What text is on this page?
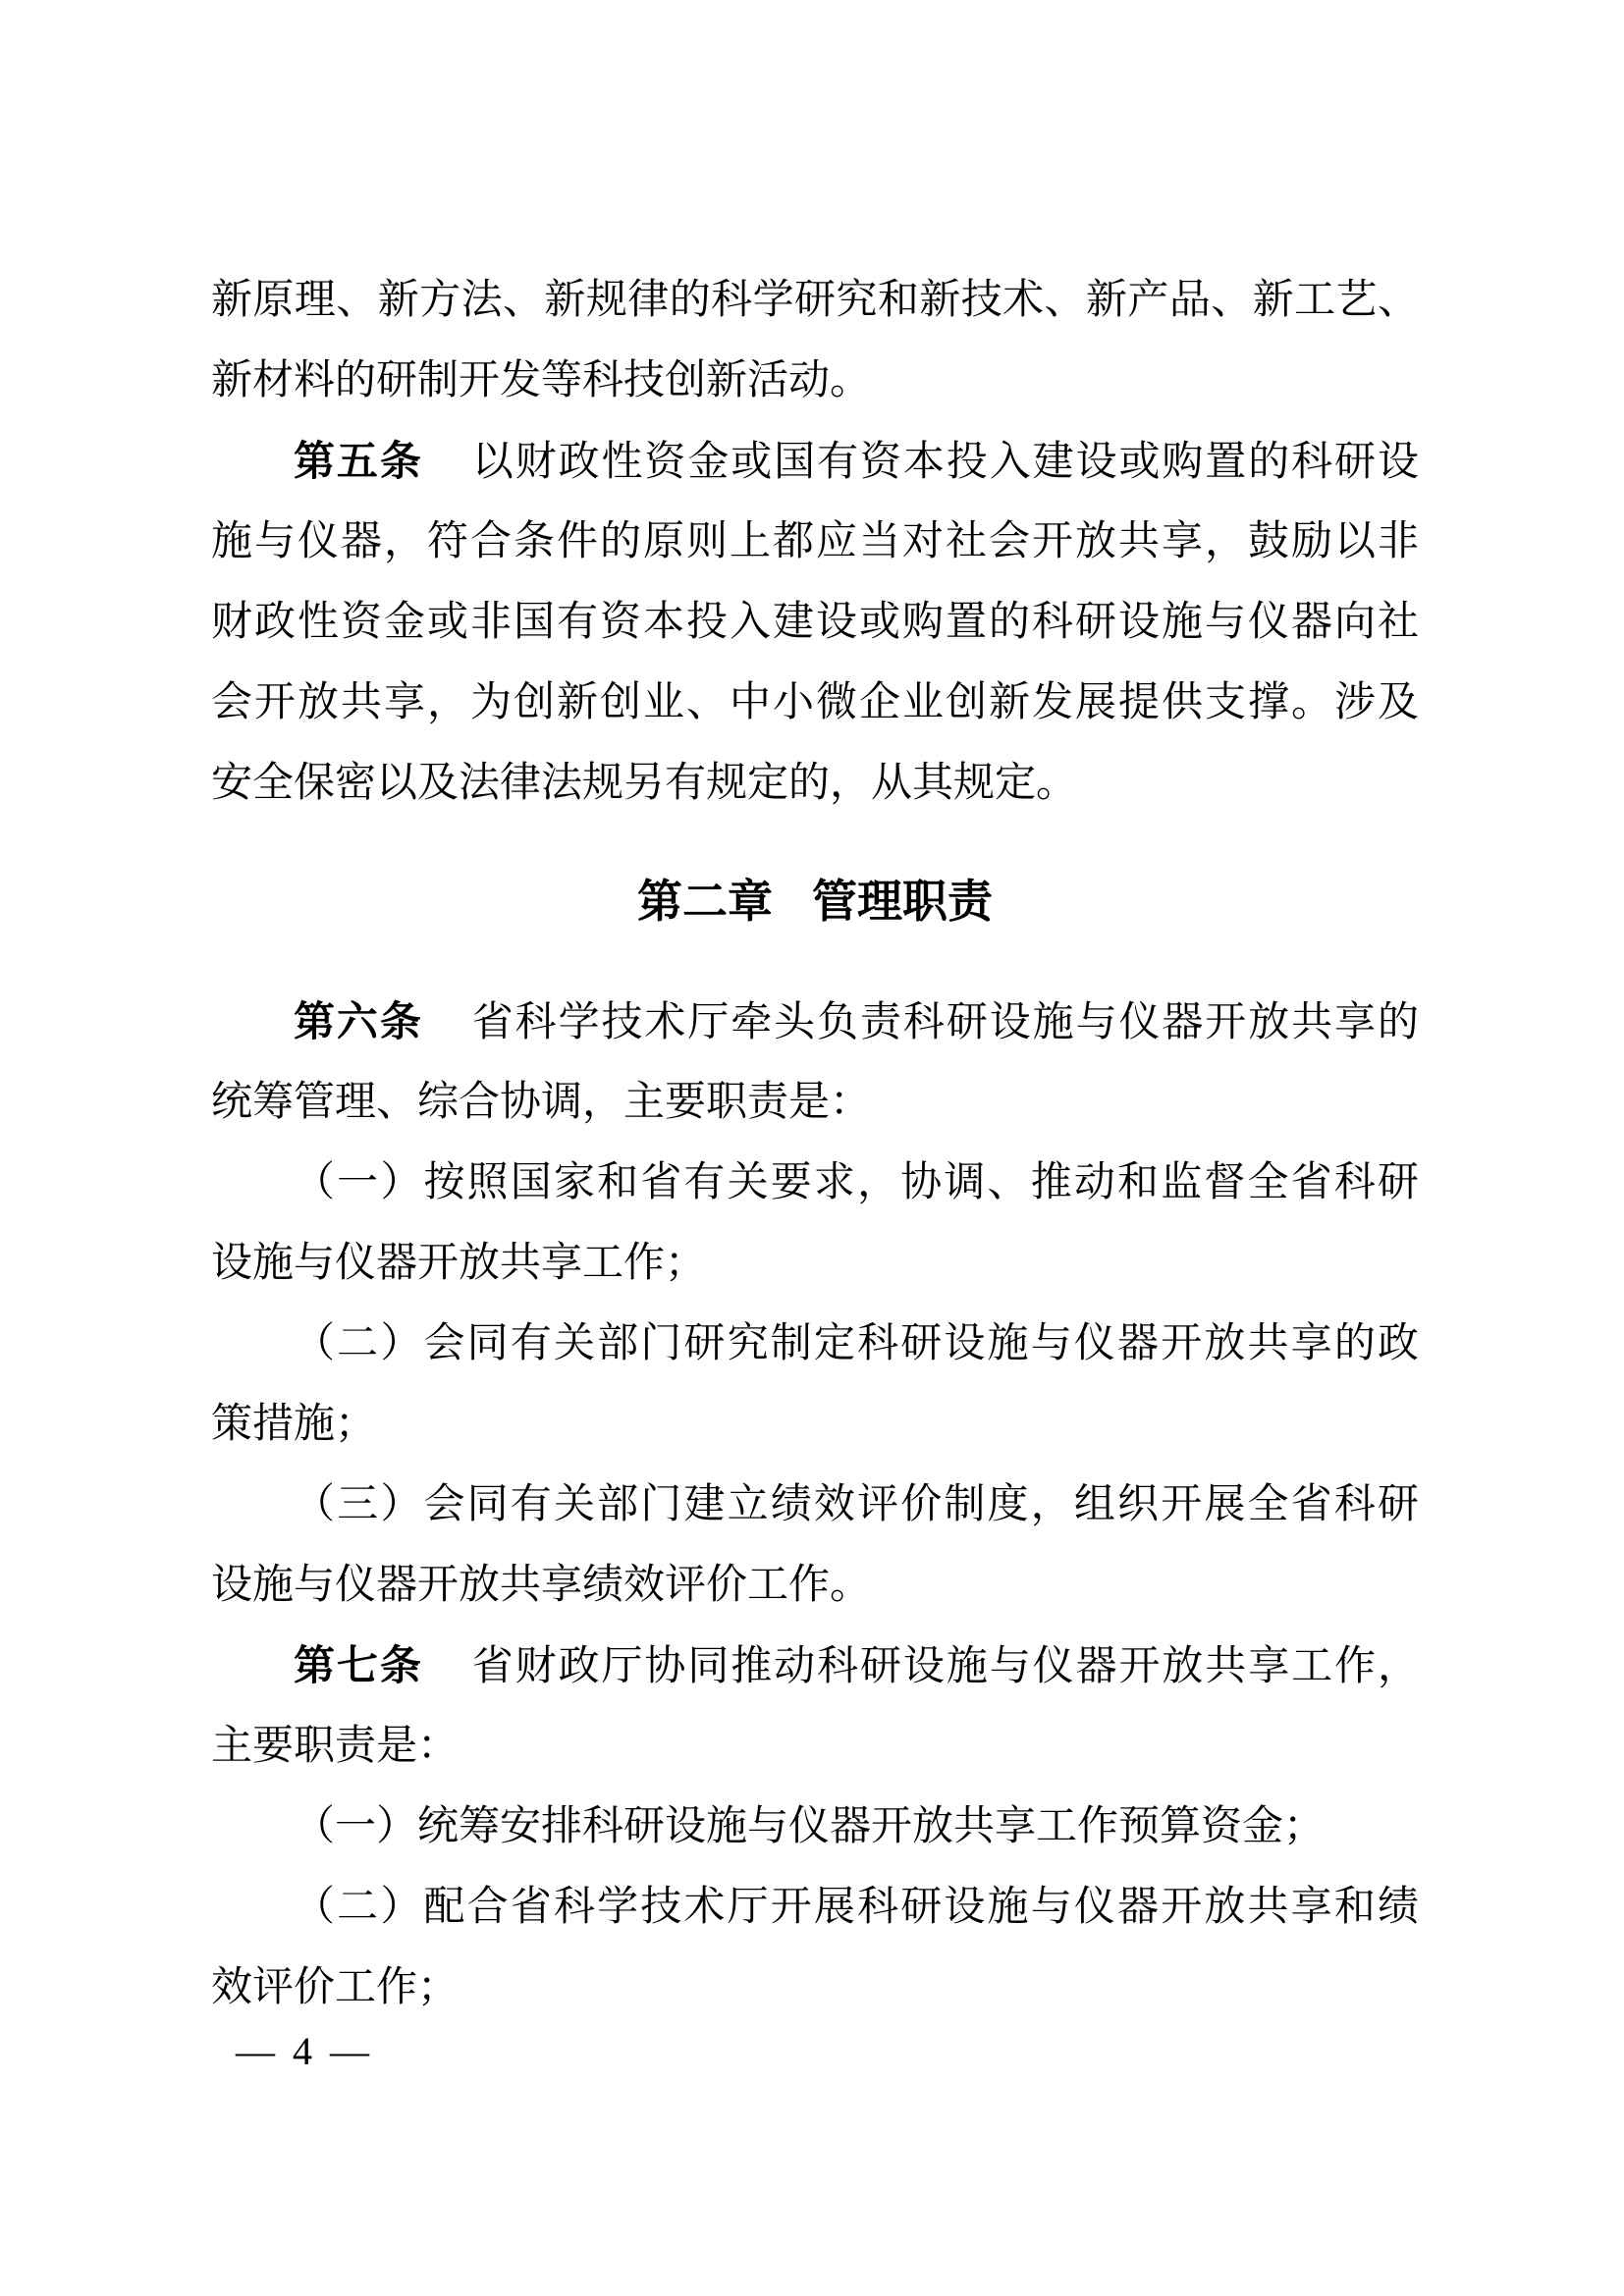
新原理、新方法、新规律的科学研究和新技术、新产品、新工艺、
新材料的研制开发等科技创新活动。
第五条 以财政性资金或国有资本投入建设或购置的科研设
施与仪器，符合条件的原则上都应当对社会开放共享，鼓励以非
财政性资金或非国有资本投入建设或购置的科研设施与仪器向社
会开放共享，为创新创业、中小微企业创新发展提供支撑。涉及
安全保密以及法律法规另有规定的，从其规定。
第二章 管理职责
第六条 省科学技术厅牵头负责科研设施与仪器开放共享的
统筹管理、综合协调，主要职责是：
（一）按照国家和省有关要求，协调、推动和监督全省科研
设施与仪器开放共享工作；
（二）会同有关部门研究制定科研设施与仪器开放共享的政
策措施；
（三）会同有关部门建立绩效评价制度，组织开展全省科研
设施与仪器开放共享绩效评价工作。
第七条 省财政厅协同推动科研设施与仪器开放共享工作，
主要职责是：
（一）统筹安排科研设施与仪器开放共享工作预算资金；
（二）配合省科学技术厅开展科研设施与仪器开放共享和绩
效评价工作；
— 4 —
